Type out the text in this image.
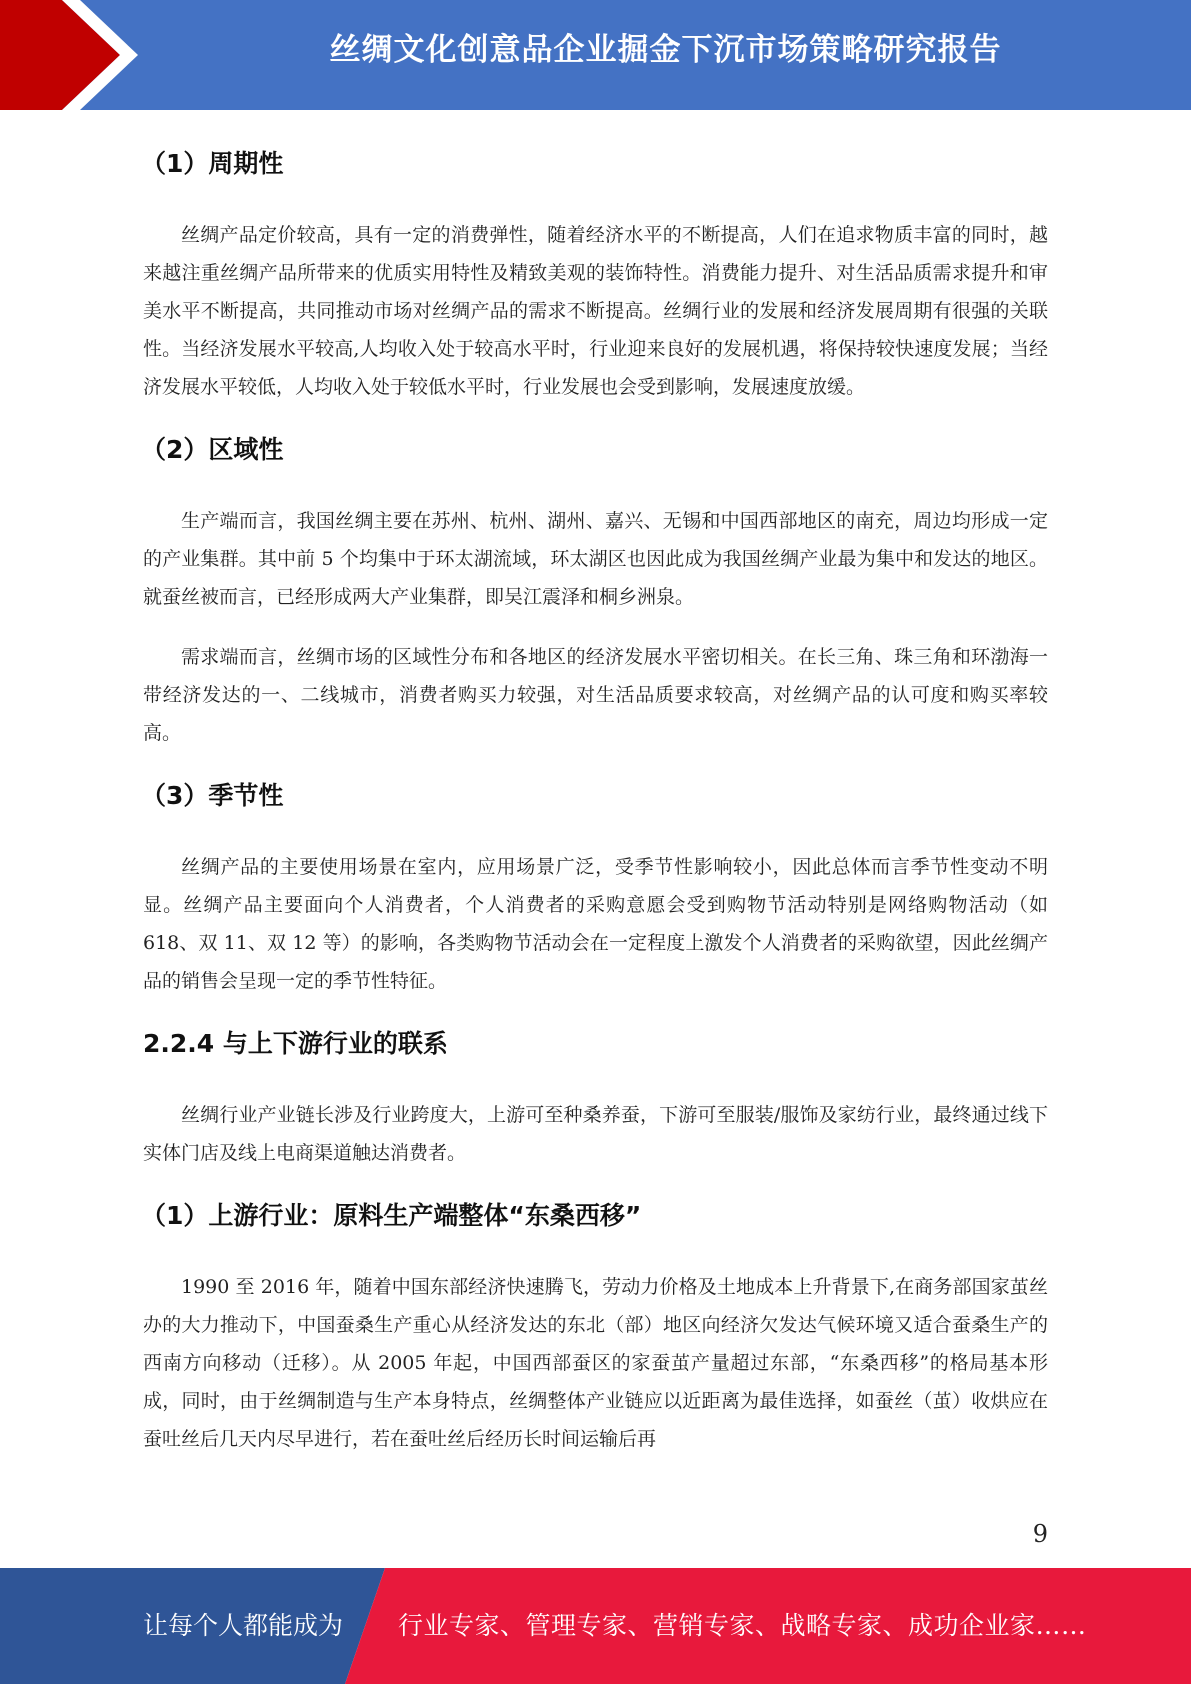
丝绸文化创意品企业掘金下沉市场策略研究报告
（1）周期性

丝绸产品定价较高，具有一定的消费弹性，随着经济水平的不断提高，人们在追求物质丰富的同时，越来越注重丝绸产品所带来的优质实用特性及精致美观的装饰特性。消费能力提升、对生活品质需求提升和审美水平不断提高，共同推动市场对丝绸产品的需求不断提高。丝绸行业的发展和经济发展周期有很强的关联性。当经济发展水平较高,人均收入处于较高水平时，行业迎来良好的发展机遇，将保持较快速度发展；当经济发展水平较低，人均收入处于较低水平时，行业发展也会受到影响，发展速度放缓。

（2）区域性

生产端而言，我国丝绸主要在苏州、杭州、湖州、嘉兴、无锡和中国西部地区的南充，周边均形成一定的产业集群。其中前 5 个均集中于环太湖流域，环太湖区也因此成为我国丝绸产业最为集中和发达的地区。就蚕丝被而言，已经形成两大产业集群，即吴江震泽和桐乡洲泉。

需求端而言，丝绸市场的区域性分布和各地区的经济发展水平密切相关。在长三角、珠三角和环渤海一带经济发达的一、二线城市，消费者购买力较强，对生活品质要求较高，对丝绸产品的认可度和购买率较高。

（3）季节性

丝绸产品的主要使用场景在室内，应用场景广泛，受季节性影响较小，因此总体而言季节性变动不明显。丝绸产品主要面向个人消费者，个人消费者的采购意愿会受到购物节活动特别是网络购物活动（如 618、双 11、双 12 等）的影响，各类购物节活动会在一定程度上激发个人消费者的采购欲望，因此丝绸产品的销售会呈现一定的季节性特征。

2.2.4 与上下游行业的联系

丝绸行业产业链长涉及行业跨度大，上游可至种桑养蚕，下游可至服装/服饰及家纺行业，最终通过线下实体门店及线上电商渠道触达消费者。

（1）上游行业：原料生产端整体“东桑西移”

1990 至 2016 年，随着中国东部经济快速腾飞，劳动力价格及土地成本上升背景下,在商务部国家茧丝办的大力推动下，中国蚕桑生产重心从经济发达的东北（部）地区向经济欠发达气候环境又适合蚕桑生产的西南方向移动（迁移）。从 2005 年起，中国西部蚕区的家蚕茧产量超过东部，“东桑西移”的格局基本形成，同时，由于丝绸制造与生产本身特点，丝绸整体产业链应以近距离为最佳选择，如蚕丝（茧）收烘应在蚕吐丝后几天内尽早进行，若在蚕吐丝后经历长时间运输后再

9
让每个人都能成为 行业专家、管理专家、营销专家、战略专家、成功企业家……
